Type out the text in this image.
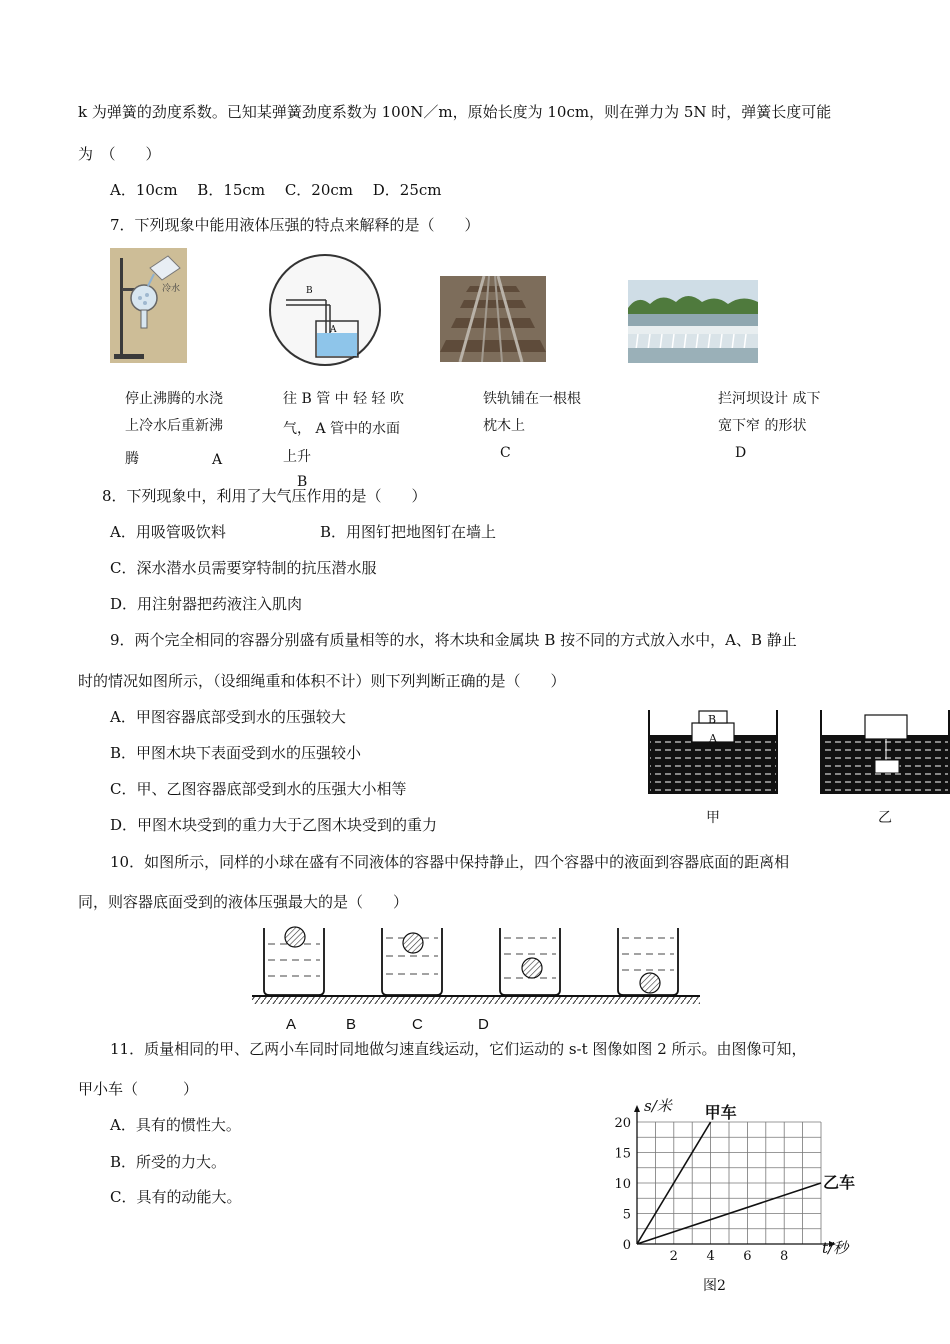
k 为弹簧的劲度系数。已知某弹簧劲度系数为 100N／m，原始长度为 10cm，则在弹力为 5N 时，弹簧长度可能
为　（　　）
A．10cm　 B．15cm　 C．20cm　 D．25cm
7．下列现象中能用液体压强的特点来解释的是（　　）
冷水	B
A
停止沸腾的水浇
上冷水后重新沸
腾	A
往 B 管 中 轻 轻 吹
气， A 管中的水面
上升
B
铁轨铺在一根根
枕木上
C
拦河坝设计 成下
宽下窄 的形状
D
8．下列现象中，利用了大气压作用的是（　　）
A．用吸管吸饮料	B．用图钉把地图钉在墙上
C．深水潜水员需要穿特制的抗压潜水服
D．用注射器把药液注入肌肉
9．两个完全相同的容器分别盛有质量相等的水，将木块和金属块 B 按不同的方式放入水中，A、B 静止
时的情况如图所示，（设细绳重和体积不计）则下列判断正确的是（　　）
A．甲图容器底部受到水的压强较大
B．甲图木块下表面受到水的压强较小
C．甲、乙图容器底部受到水的压强大小相等
D．甲图木块受到的重力大于乙图木块受到的重力
B
A	A
甲	乙
10．如图所示，同样的小球在盛有不同液体的容器中保持静止，四个容器中的液面到容器底面的距离相
同，则容器底面受到的液体压强最大的是（　　）
A	B	C	D
11．质量相同的甲、乙两小车同时同地做匀速直线运动，它们运动的 s-t 图像如图 2 所示。由图像可知，
甲小车（　　　）
A．具有的惯性大。
B．所受的力大。
C．具有的动能大。
0
5
10
15
20
2 4 6 8
甲车
乙车
s/米
t/秒
图2
